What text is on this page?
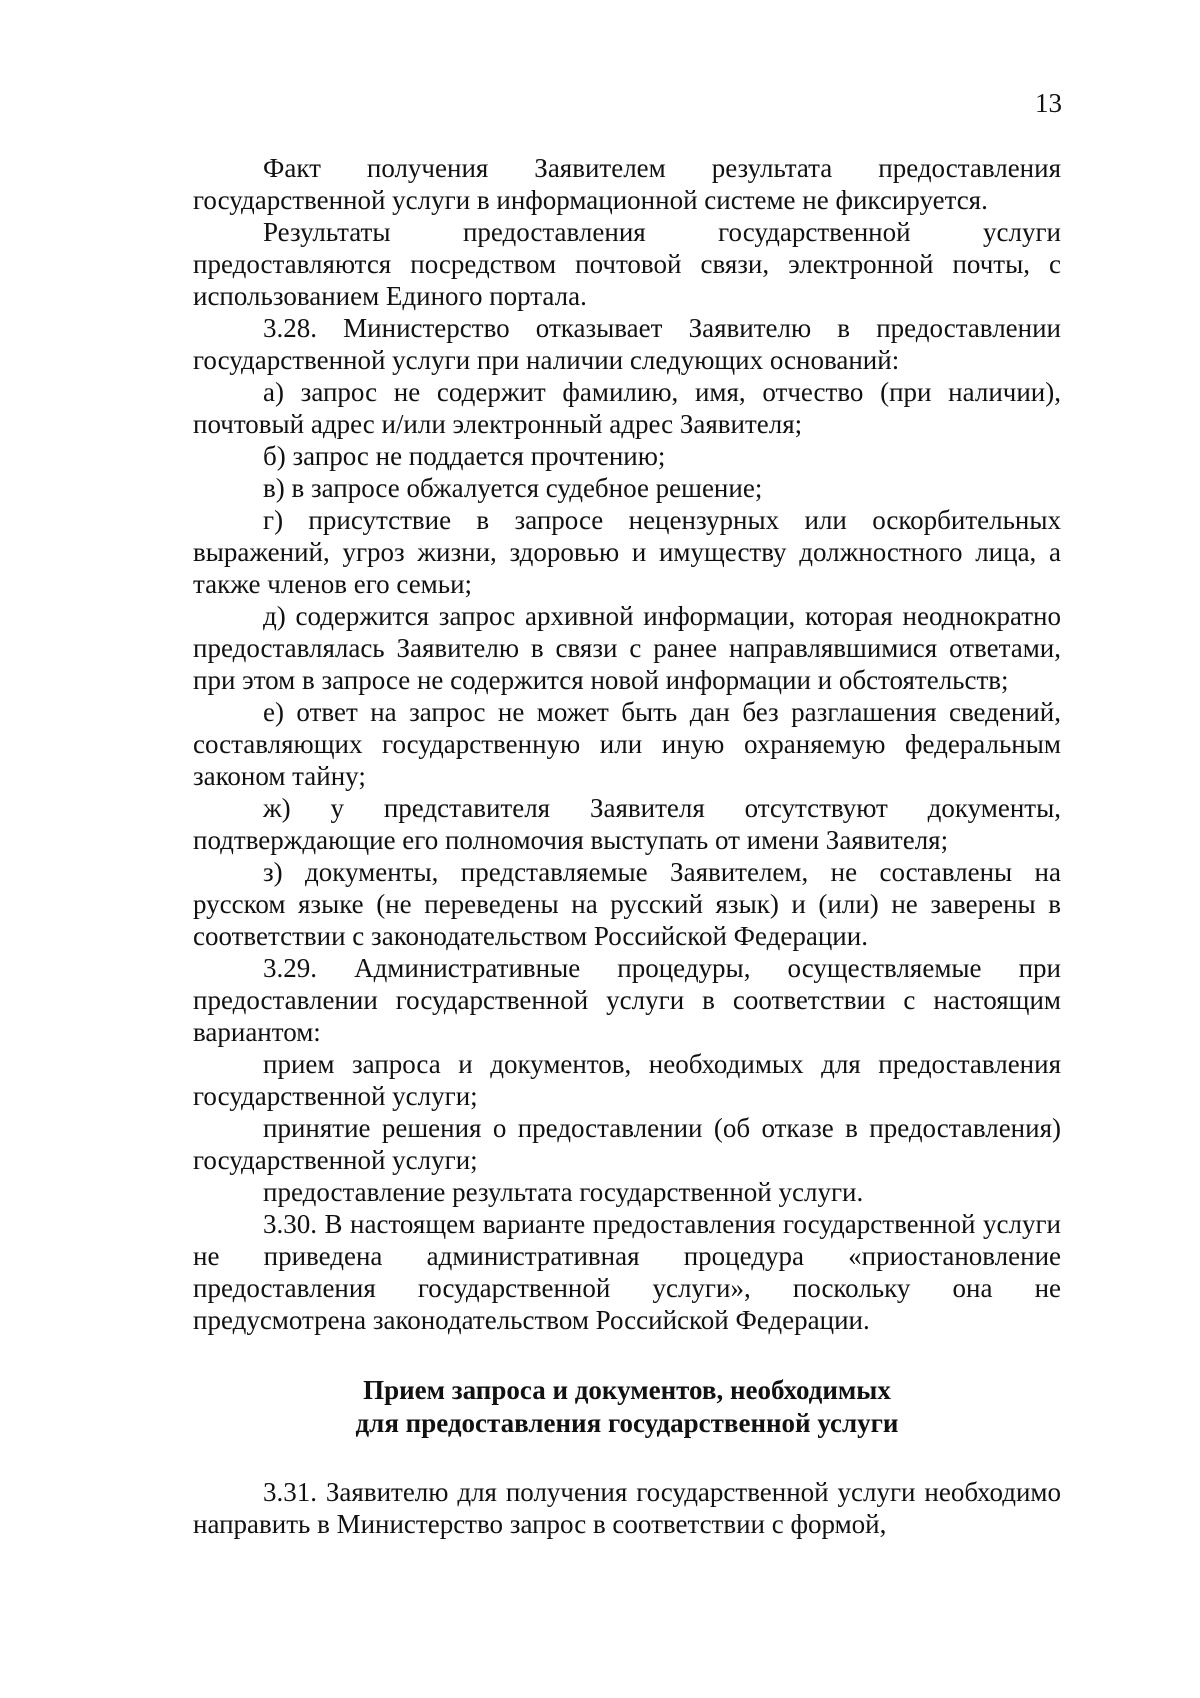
13

Факт получения Заявителем результата предоставления государственной услуги в информационной системе не фиксируется.

Результаты предоставления государственной услуги предоставляются посредством почтовой связи, электронной почты, с использованием Единого портала.

3.28. Министерство отказывает Заявителю в предоставлении государственной услуги при наличии следующих оснований:

а) запрос не содержит фамилию, имя, отчество (при наличии), почтовый адрес и/или электронный адрес Заявителя;

б) запрос не поддается прочтению;

в) в запросе обжалуется судебное решение;

г) присутствие в запросе нецензурных или оскорбительных выражений, угроз жизни, здоровью и имуществу должностного лица, а также членов его семьи;

д) содержится запрос архивной информации, которая неоднократно предоставлялась Заявителю в связи с ранее направлявшимися ответами, при этом в запросе не содержится новой информации и обстоятельств;

е) ответ на запрос не может быть дан без разглашения сведений, составляющих государственную или иную охраняемую федеральным законом тайну;

ж) у представителя Заявителя отсутствуют документы, подтверждающие его полномочия выступать от имени Заявителя;

з) документы, представляемые Заявителем, не составлены на русском языке (не переведены на русский язык) и (или) не заверены в соответствии с законодательством Российской Федерации.

3.29. Административные процедуры, осуществляемые при предоставлении государственной услуги в соответствии с настоящим вариантом:

прием запроса и документов, необходимых для предоставления государственной услуги;

принятие решения о предоставлении (об отказе в предоставления) государственной услуги;

предоставление результата государственной услуги.

3.30. В настоящем варианте предоставления государственной услуги не приведена административная процедура «приостановление предоставления государственной услуги», поскольку она не предусмотрена законодательством Российской Федерации.

Прием запроса и документов, необходимых
для предоставления государственной услуги

3.31. Заявителю для получения государственной услуги необходимо направить в Министерство запрос в соответствии с формой,
